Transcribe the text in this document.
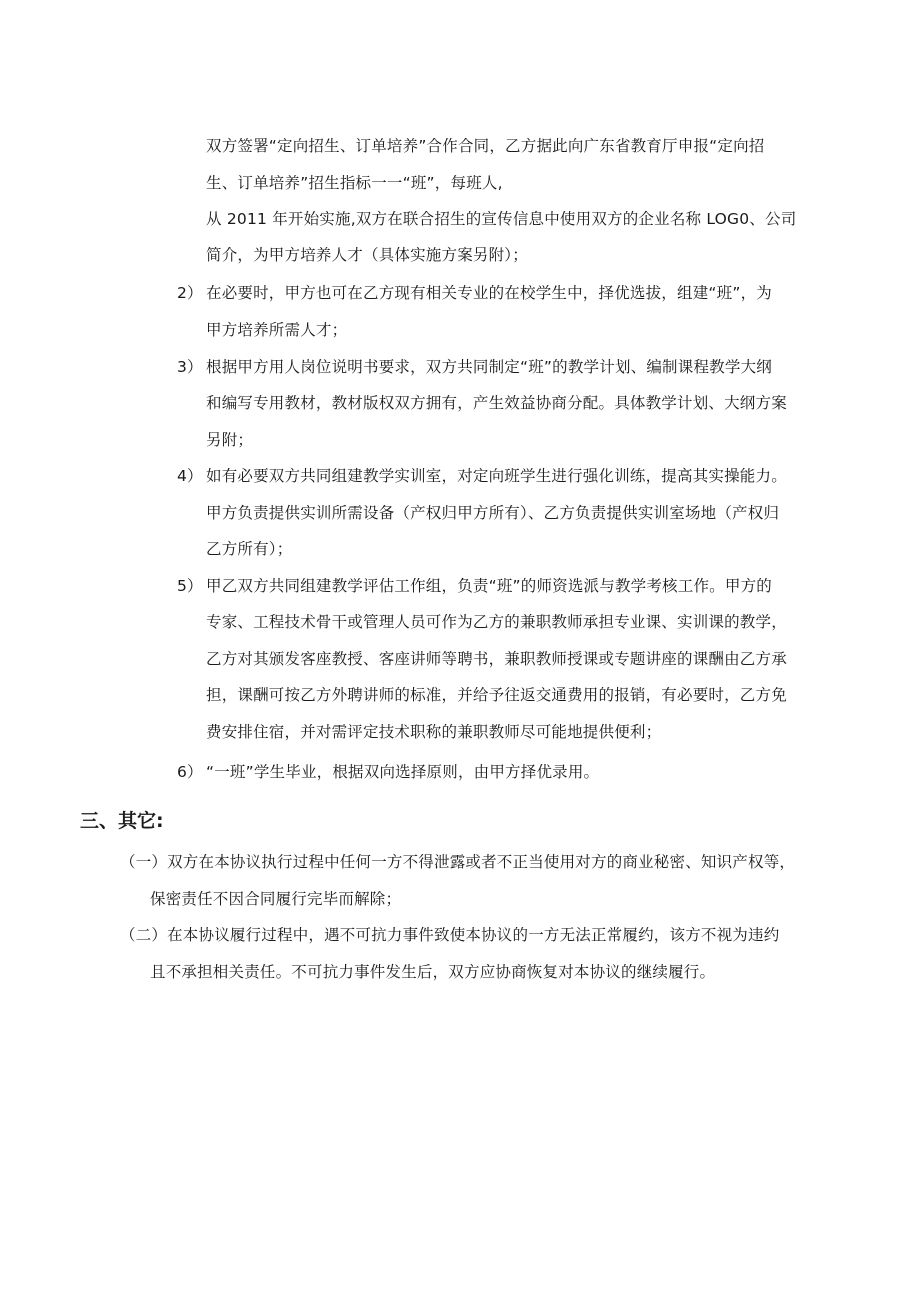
双方签署“定向招生、订单培养”合作合同，乙方据此向广东省教育厅申报“定向招
生、订单培养”招生指标一一“班”，每班人,
从 2011 年开始实施,双方在联合招生的宣传信息中使用双方的企业名称 LOG0、公司
简介，为甲方培养人才（具体实施方案另附）；
2） 在必要时，甲方也可在乙方现有相关专业的在校学生中，择优选拔，组建“班”，为
甲方培养所需人才；
3） 根据甲方用人岗位说明书要求，双方共同制定“班”的教学计划、编制课程教学大纲
和编写专用教材，教材版权双方拥有，产生效益协商分配。具体教学计划、大纲方案
另附；
4） 如有必要双方共同组建教学实训室，对定向班学生进行强化训练，提高其实操能力。
甲方负责提供实训所需设备（产权归甲方所有）、乙方负责提供实训室场地（产权归
乙方所有）；
5） 甲乙双方共同组建教学评估工作组，负责“班”的师资选派与教学考核工作。甲方的
专家、工程技术骨干或管理人员可作为乙方的兼职教师承担专业课、实训课的教学，
乙方对其颁发客座教授、客座讲师等聘书，兼职教师授课或专题讲座的课酬由乙方承
担，课酬可按乙方外聘讲师的标准，并给予往返交通费用的报销，有必要时，乙方免
费安排住宿，并对需评定技术职称的兼职教师尽可能地提供便利；
6） “一班”学生毕业，根据双向选择原则，由甲方择优录用。
三、其它:
（一）双方在本协议执行过程中任何一方不得泄露或者不正当使用对方的商业秘密、知识产权等，
保密责任不因合同履行完毕而解除；
（二）在本协议履行过程中，遇不可抗力事件致使本协议的一方无法正常履约，该方不视为违约
且不承担相关责任。不可抗力事件发生后，双方应协商恢复对本协议的继续履行。
